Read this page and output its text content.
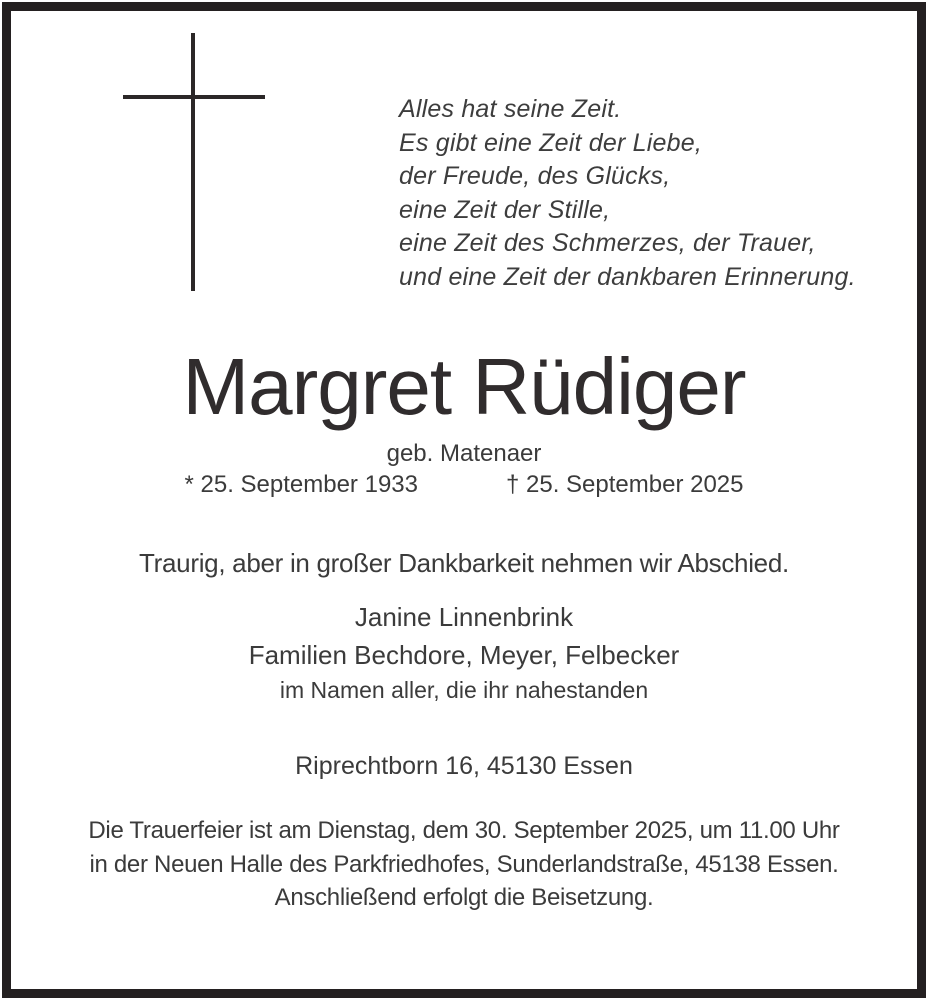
Alles hat seine Zeit.
Es gibt eine Zeit der Liebe,
der Freude, des Glücks,
eine Zeit der Stille,
eine Zeit des Schmerzes, der Trauer,
und eine Zeit der dankbaren Erinnerung.
Margret Rüdiger
geb. Matenaer
* 25. September 1933	† 25. September 2025
Traurig, aber in großer Dankbarkeit nehmen wir Abschied.
Janine Linnenbrink
Familien Bechdore, Meyer, Felbecker
im Namen aller, die ihr nahestanden
Riprechtborn 16, 45130 Essen
Die Trauerfeier ist am Dienstag, dem 30. September 2025, um 11.00 Uhr
in der Neuen Halle des Parkfriedhofes, Sunderlandstraße, 45138 Essen.
Anschließend erfolgt die Beisetzung.
